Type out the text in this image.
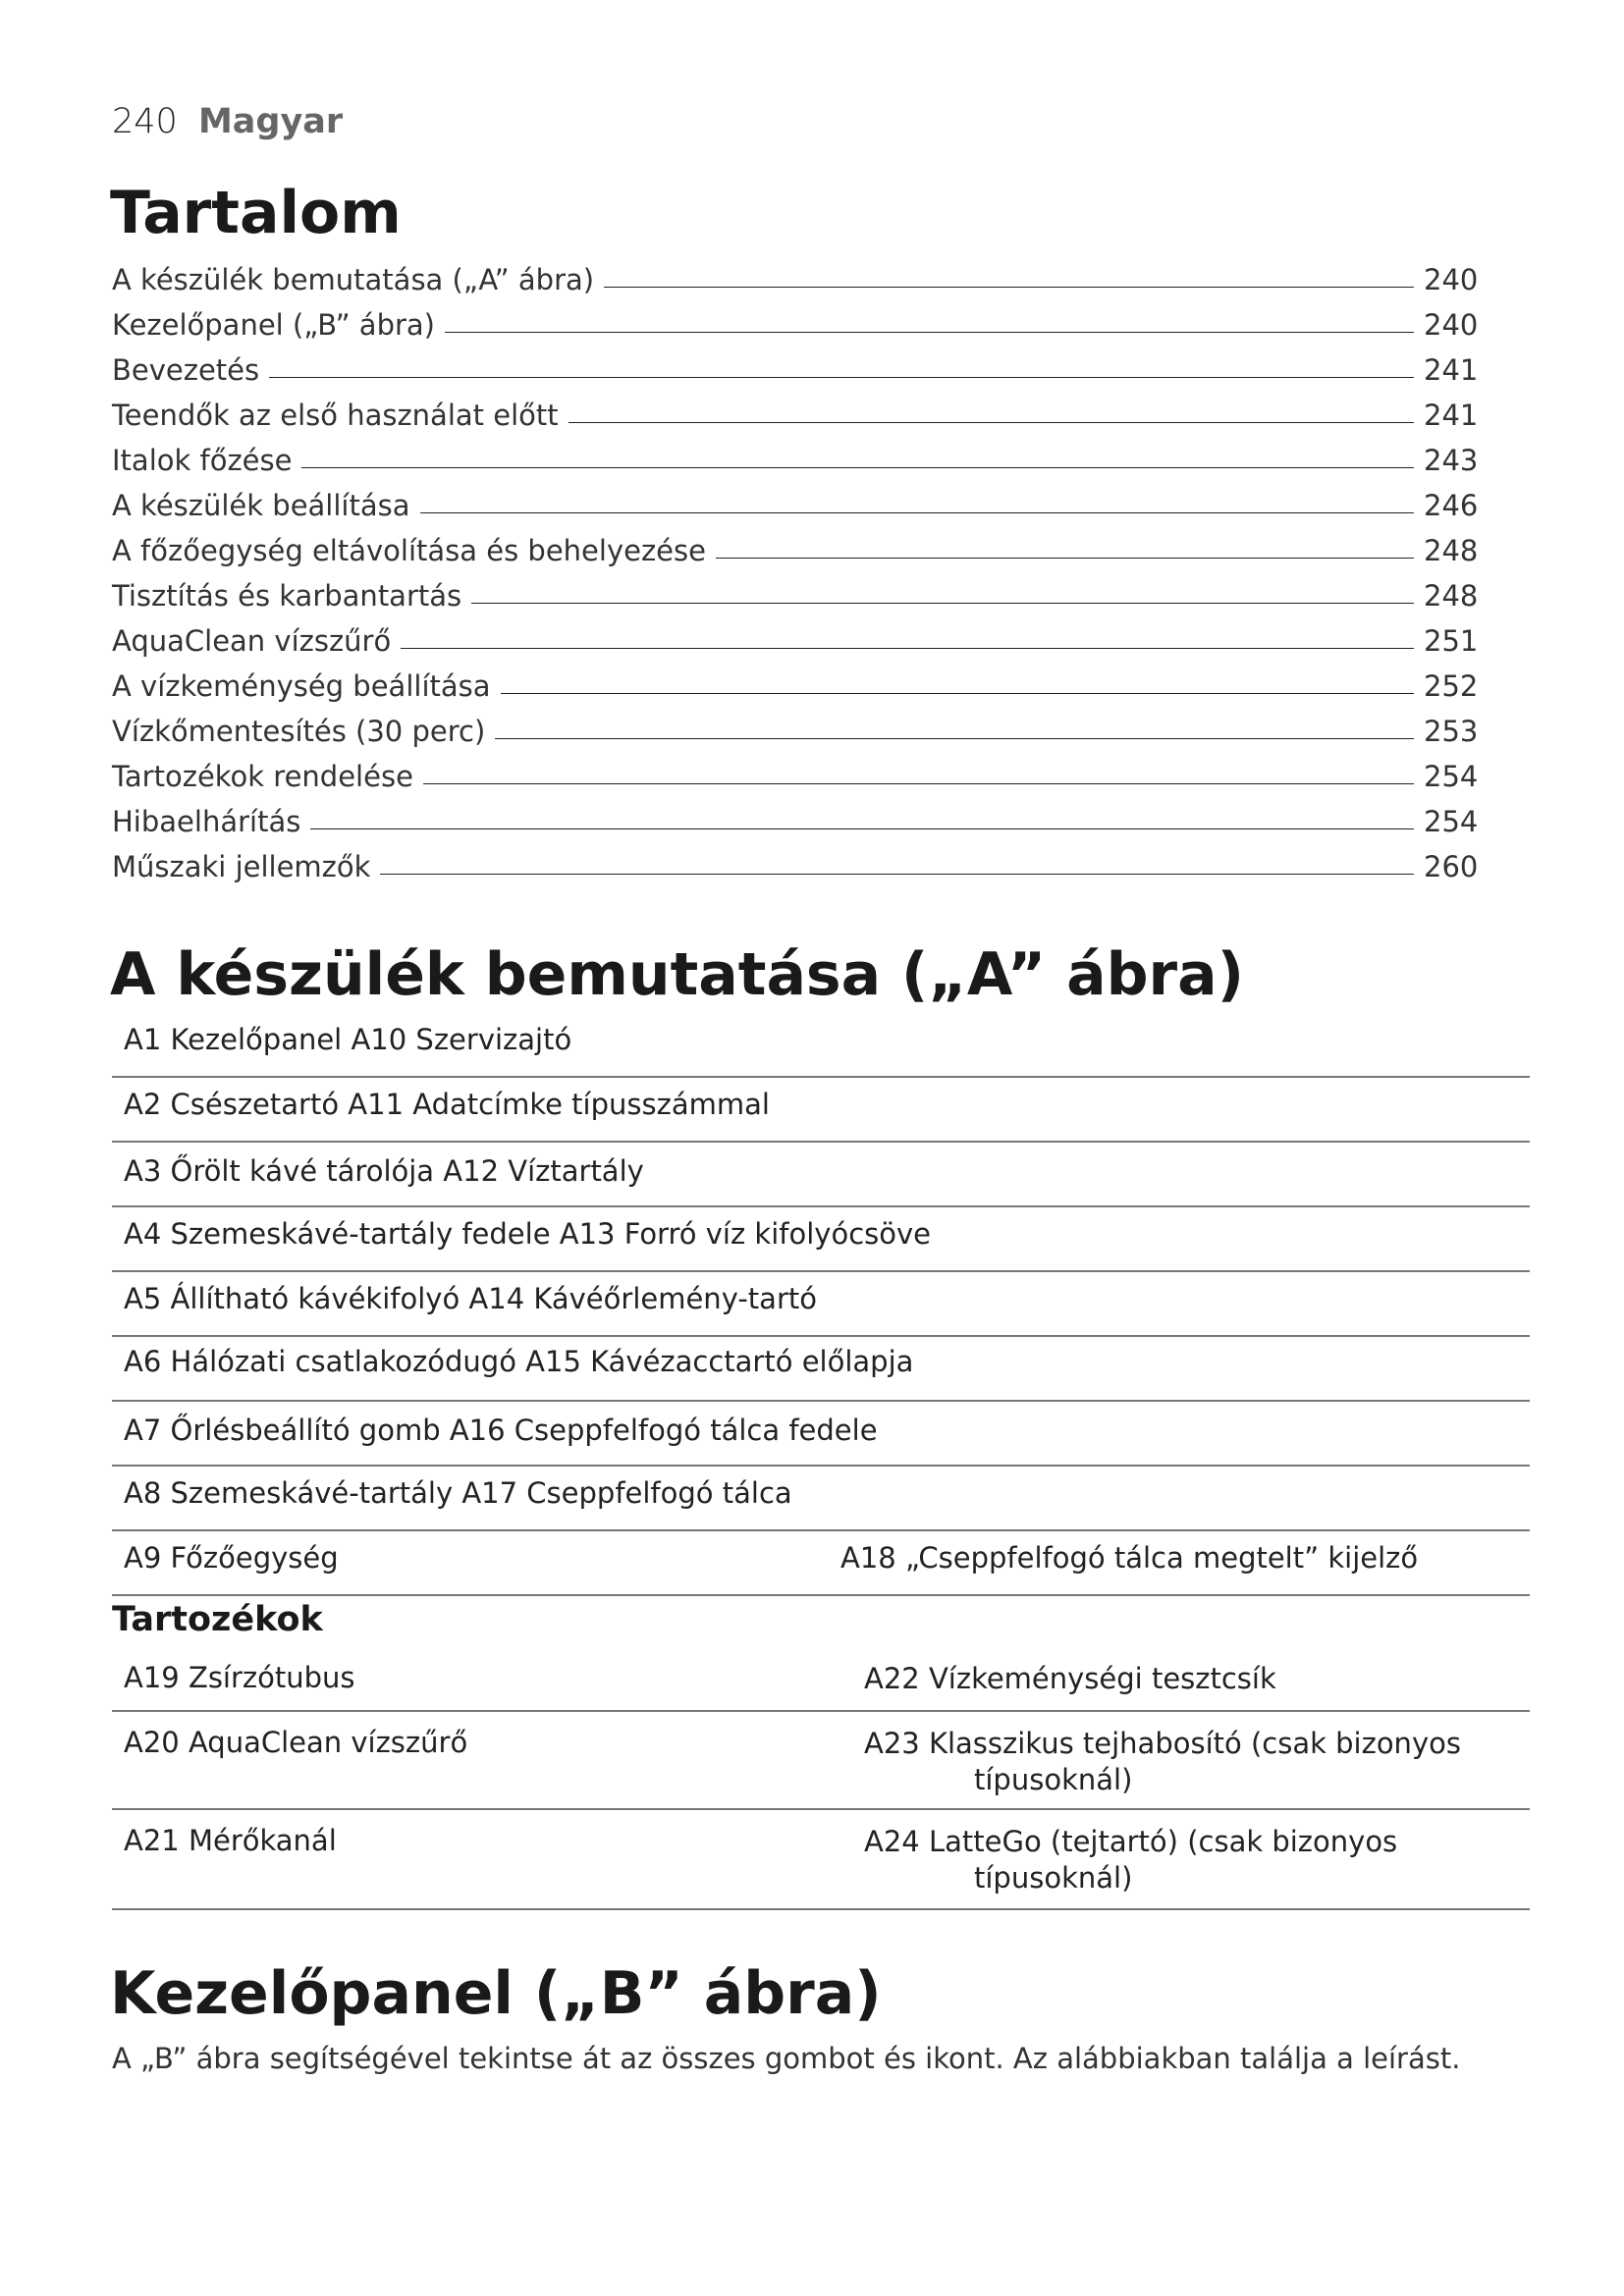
240 Magyar
Tartalom
A készülék bemutatása („A” ábra)	240
Kezelőpanel („B” ábra)	240
Bevezetés	241
Teendők az első használat előtt	241
Italok főzése	243
A készülék beállítása	246
A főzőegység eltávolítása és behelyezése	248
Tisztítás és karbantartás	248
AquaClean vízszűrő	251
A vízkeménység beállítása	252
Vízkőmentesítés (30 perc)	253
Tartozékok rendelése	254
Hibaelhárítás	254
Műszaki jellemzők	260
A készülék bemutatása („A” ábra)
A1 Kezelőpanel A10 Szervizajtó
A2 Csészetartó A11 Adatcímke típusszámmal
A3 Őrölt kávé tárolója A12 Víztartály
A4 Szemeskávé-tartály fedele A13 Forró víz kifolyócsöve
A5 Állítható kávékifolyó A14 Kávéőrlemény-tartó
A6 Hálózati csatlakozódugó A15 Kávézacctartó előlapja
A7 Őrlésbeállító gomb A16 Cseppfelfogó tálca fedele
A8 Szemeskávé-tartály A17 Cseppfelfogó tálca
A9 Főzőegység	A18 „Cseppfelfogó tálca megtelt” kijelző
Tartozékok
A19 Zsírzótubus	A22 Vízkeménységi tesztcsík
A20 AquaClean vízszűrő	A23 Klasszikus tejhabosító (csak bizonyos
típusoknál)
A21 Mérőkanál	A24 LatteGo (tejtartó) (csak bizonyos
típusoknál)
Kezelőpanel („B” ábra)

A „B” ábra segítségével tekintse át az összes gombot és ikont. Az alábbiakban találja a leírást.
